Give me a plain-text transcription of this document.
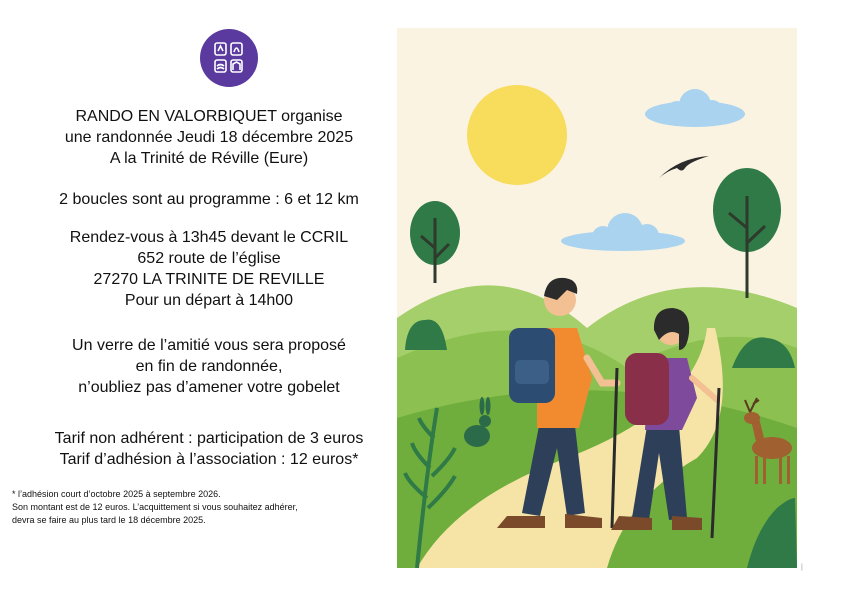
RANDO EN VALORBIQUET organise
une randonnée Jeudi 18 décembre 2025
A la Trinité de Réville (Eure)
2 boucles sont au programme : 6 et 12 km
Rendez-vous à 13h45 devant le CCRIL
652 route de l’église
27270 LA TRINITE DE REVILLE
Pour un départ à 14h00
Un verre de l’amitié vous sera proposé
en fin de randonnée,
n’oubliez pas d’amener votre gobelet
Tarif non adhérent : participation de 3 euros
Tarif d’adhésion à l’association : 12 euros*
* l’adhésion court d’octobre 2025 à septembre 2026.
Son montant est de 12 euros. L’acquittement si vous souhaitez adhérer,
devra se faire au plus tard le 18 décembre 2025.
|
